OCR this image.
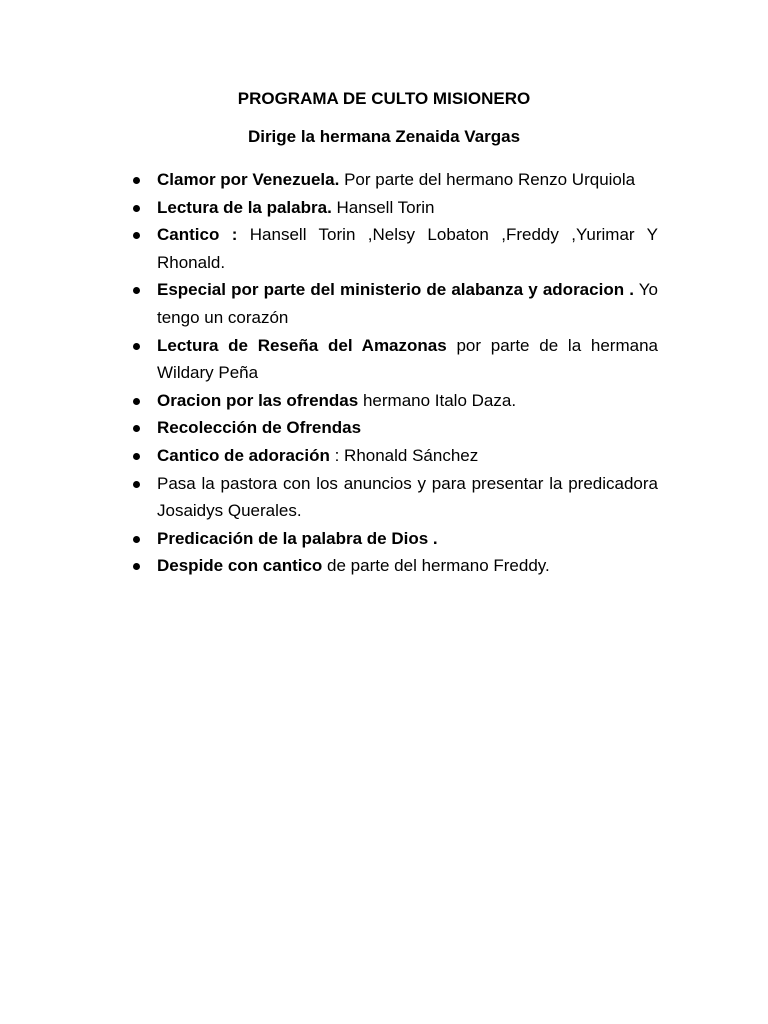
PROGRAMA DE CULTO MISIONERO
Dirige la hermana Zenaida Vargas
Clamor por Venezuela. Por parte del hermano Renzo Urquiola
Lectura de la palabra. Hansell Torin
Cantico : Hansell Torin ,Nelsy Lobaton ,Freddy ,Yurimar Y Rhonald.
Especial por parte del ministerio de alabanza y adoracion . Yo tengo un corazón
Lectura de Reseña del Amazonas por parte de la hermana Wildary Peña
Oracion por las ofrendas hermano Italo Daza.
Recolección de Ofrendas
Cantico de adoración : Rhonald Sánchez
Pasa la pastora con los anuncios y para presentar la predicadora Josaidys Querales.
Predicación de la palabra de Dios .
Despide con cantico de parte del hermano Freddy.
